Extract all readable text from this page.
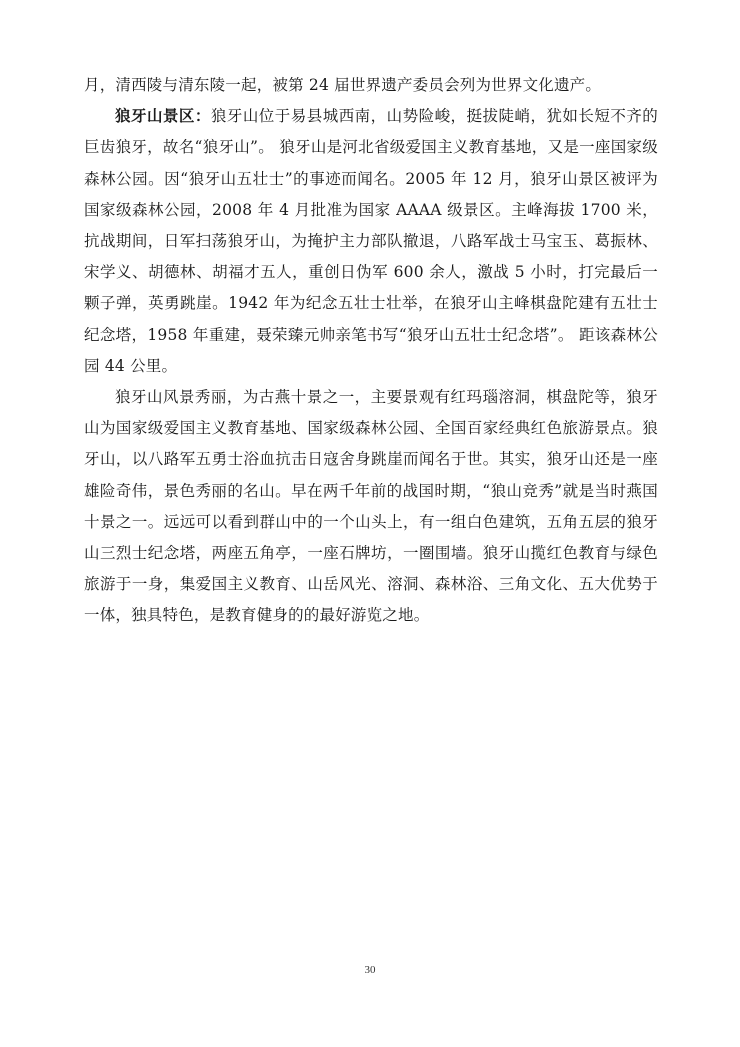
月，清西陵与清东陵一起，被第 24 届世界遗产委员会列为世界文化遗产。

狼牙山景区：狼牙山位于易县城西南，山势险峻，挺拔陡峭，犹如长短不齐的巨齿狼牙，故名“狼牙山”。 狼牙山是河北省级爱国主义教育基地，又是一座国家级森林公园。因“狼牙山五壮士”的事迹而闻名。2005 年 12 月，狼牙山景区被评为国家级森林公园，2008 年 4 月批准为国家 AAAA 级景区。主峰海拔 1700 米，抗战期间，日军扫荡狼牙山，为掩护主力部队撤退，八路军战士马宝玉、葛振林、宋学义、胡德林、胡福才五人，重创日伪军 600 余人，激战 5 小时，打完最后一颗子弹，英勇跳崖。1942 年为纪念五壮士壮举，在狼牙山主峰棋盘陀建有五壮士纪念塔，1958 年重建，聂荣臻元帅亲笔书写“狼牙山五壮士纪念塔”。 距该森林公园 44 公里。

狼牙山风景秀丽，为古燕十景之一，主要景观有红玛瑙溶洞，棋盘陀等，狼牙山为国家级爱国主义教育基地、国家级森林公园、全国百家经典红色旅游景点。狼牙山，以八路军五勇士浴血抗击日寇舍身跳崖而闻名于世。其实，狼牙山还是一座雄险奇伟，景色秀丽的名山。早在两千年前的战国时期，“狼山竞秀”就是当时燕国十景之一。远远可以看到群山中的一个山头上，有一组白色建筑，五角五层的狼牙山三烈士纪念塔，两座五角亭，一座石牌坊，一圈围墙。狼牙山揽红色教育与绿色旅游于一身，集爱国主义教育、山岳风光、溶洞、森林浴、三角文化、五大优势于一体，独具特色，是教育健身的的最好游览之地。

30
